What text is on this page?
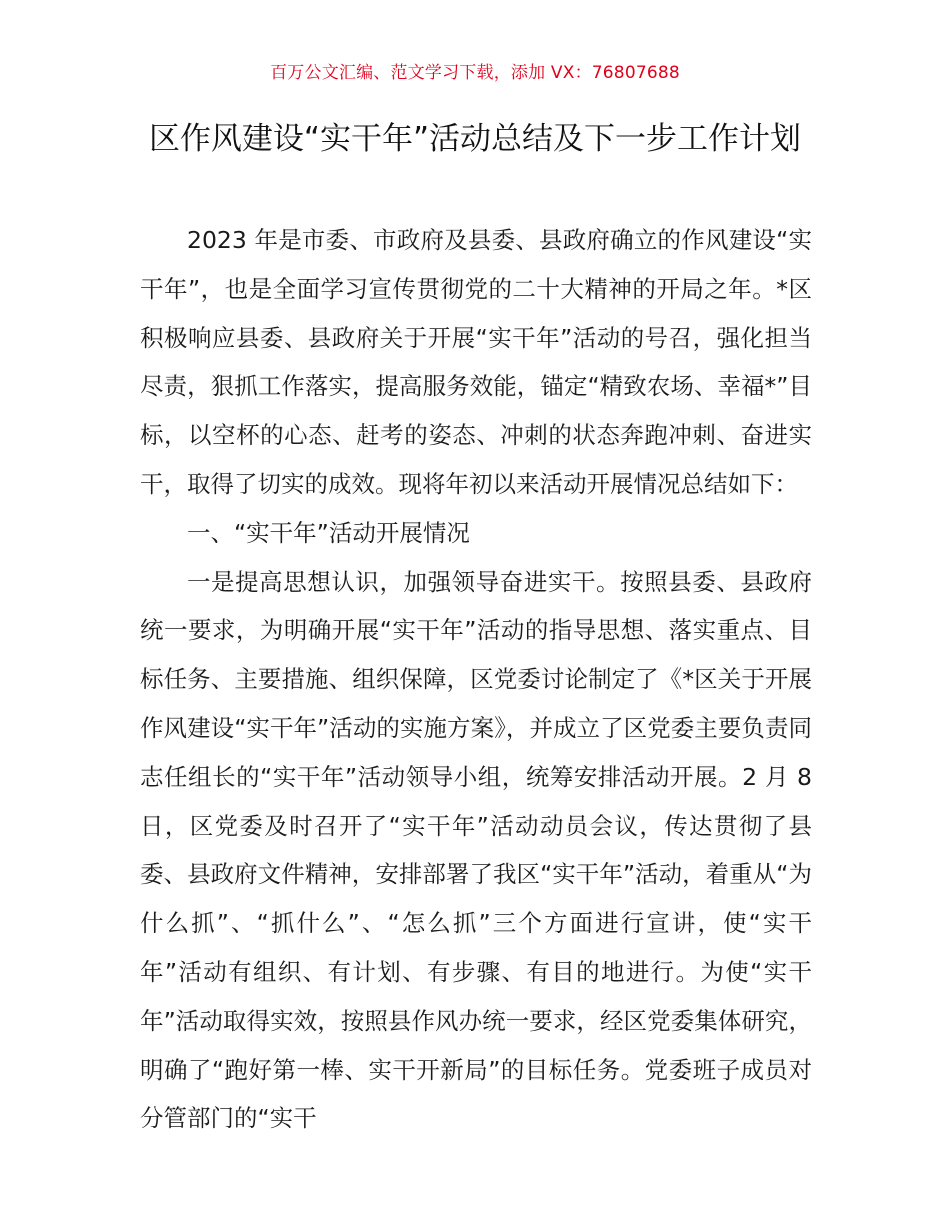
百万公文汇编、范文学习下载，添加 VX：76807688
区作风建设“实干年”活动总结及下一步工作计划

2023 年是市委、市政府及县委、县政府确立的作风建设“实干年”，也是全面学习宣传贯彻党的二十大精神的开局之年。*区积极响应县委、县政府关于开展“实干年”活动的号召，强化担当尽责，狠抓工作落实，提高服务效能，锚定“精致农场、幸福*”目标，以空杯的心态、赶考的姿态、冲刺的状态奔跑冲刺、奋进实干，取得了切实的成效。现将年初以来活动开展情况总结如下：

一、“实干年”活动开展情况

一是提高思想认识，加强领导奋进实干。按照县委、县政府统一要求，为明确开展“实干年”活动的指导思想、落实重点、目标任务、主要措施、组织保障，区党委讨论制定了《*区关于开展作风建设“实干年”活动的实施方案》，并成立了区党委主要负责同志任组长的“实干年”活动领导小组，统筹安排活动开展。2 月 8 日，区党委及时召开了“实干年”活动动员会议，传达贯彻了县委、县政府文件精神，安排部署了我区“实干年”活动，着重从“为什么抓”、“抓什么”、“怎么抓”三个方面进行宣讲，使“实干年”活动有组织、有计划、有步骤、有目的地进行。为使“实干年”活动取得实效，按照县作风办统一要求，经区党委集体研究，明确了“跑好第一棒、实干开新局”的目标任务。党委班子成员对分管部门的“实干
